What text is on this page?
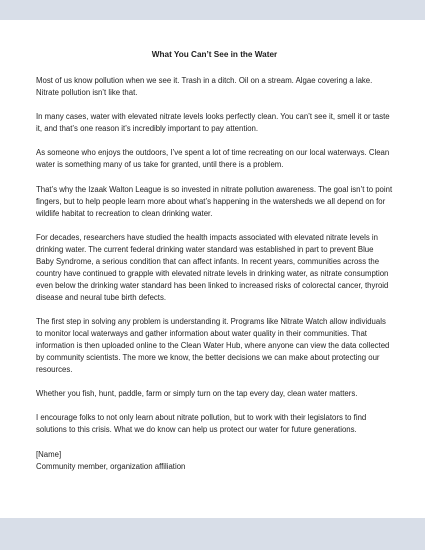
What You Can’t See in the Water

Most of us know pollution when we see it. Trash in a ditch. Oil on a stream. Algae covering a lake. Nitrate pollution isn’t like that.

In many cases, water with elevated nitrate levels looks perfectly clean. You can’t see it, smell it or taste it, and that’s one reason it’s incredibly important to pay attention.

As someone who enjoys the outdoors, I’ve spent a lot of time recreating on our local waterways. Clean water is something many of us take for granted, until there is a problem.

That’s why the Izaak Walton League is so invested in nitrate pollution awareness. The goal isn’t to point fingers, but to help people learn more about what’s happening in the watersheds we all depend on for wildlife habitat to recreation to clean drinking water.

For decades, researchers have studied the health impacts associated with elevated nitrate levels in drinking water. The current federal drinking water standard was established in part to prevent Blue Baby Syndrome, a serious condition that can affect infants. In recent years, communities across the country have continued to grapple with elevated nitrate levels in drinking water, as nitrate consumption even below the drinking water standard has been linked to increased risks of colorectal cancer, thyroid disease and neural tube birth defects.

The first step in solving any problem is understanding it. Programs like Nitrate Watch allow individuals to monitor local waterways and gather information about water quality in their communities. That information is then uploaded online to the Clean Water Hub, where anyone can view the data collected by community scientists. The more we know, the better decisions we can make about protecting our resources.

Whether you fish, hunt, paddle, farm or simply turn on the tap every day, clean water matters.

I encourage folks to not only learn about nitrate pollution, but to work with their legislators to find solutions to this crisis. What we do know can help us protect our water for future generations.

[Name]
Community member, organization affiliation
